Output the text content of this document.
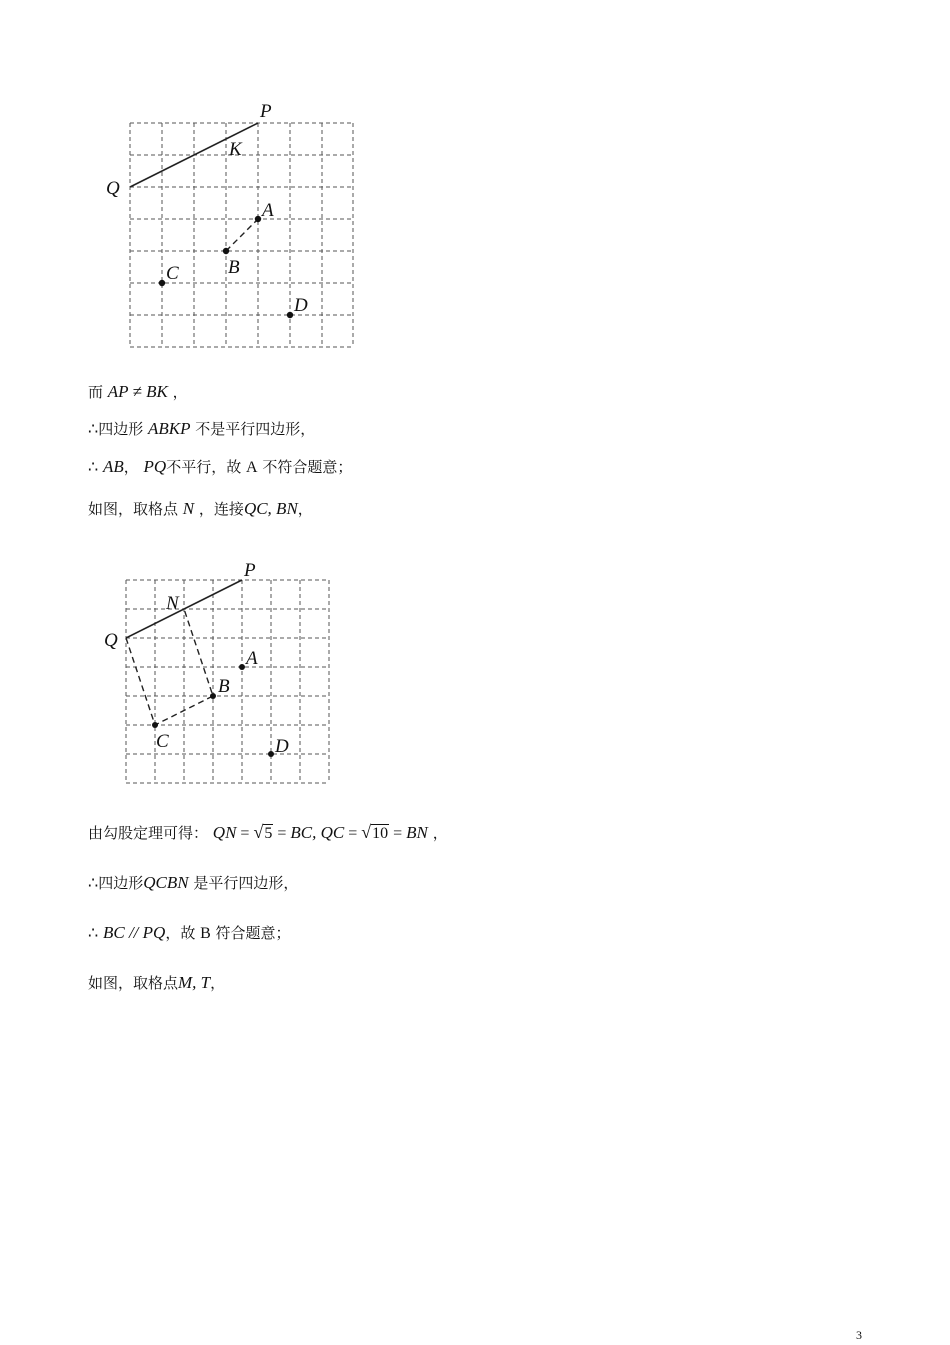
P
K
Q
A
B
C
D
而 AP ≠ BK ，
∴四边形 ABKP 不是平行四边形，
∴ AB， PQ不平行，故 A 不符合题意；
如图，取格点 N ，连接QC, BN，
P
N
Q
A
B
C	D
由勾股定理可得： QN = √5 = BC, QC = √10 = BN ，
∴四边形QCBN 是平行四边形，
∴ BC // PQ，故 B 符合题意；
如图，取格点M, T，
3
